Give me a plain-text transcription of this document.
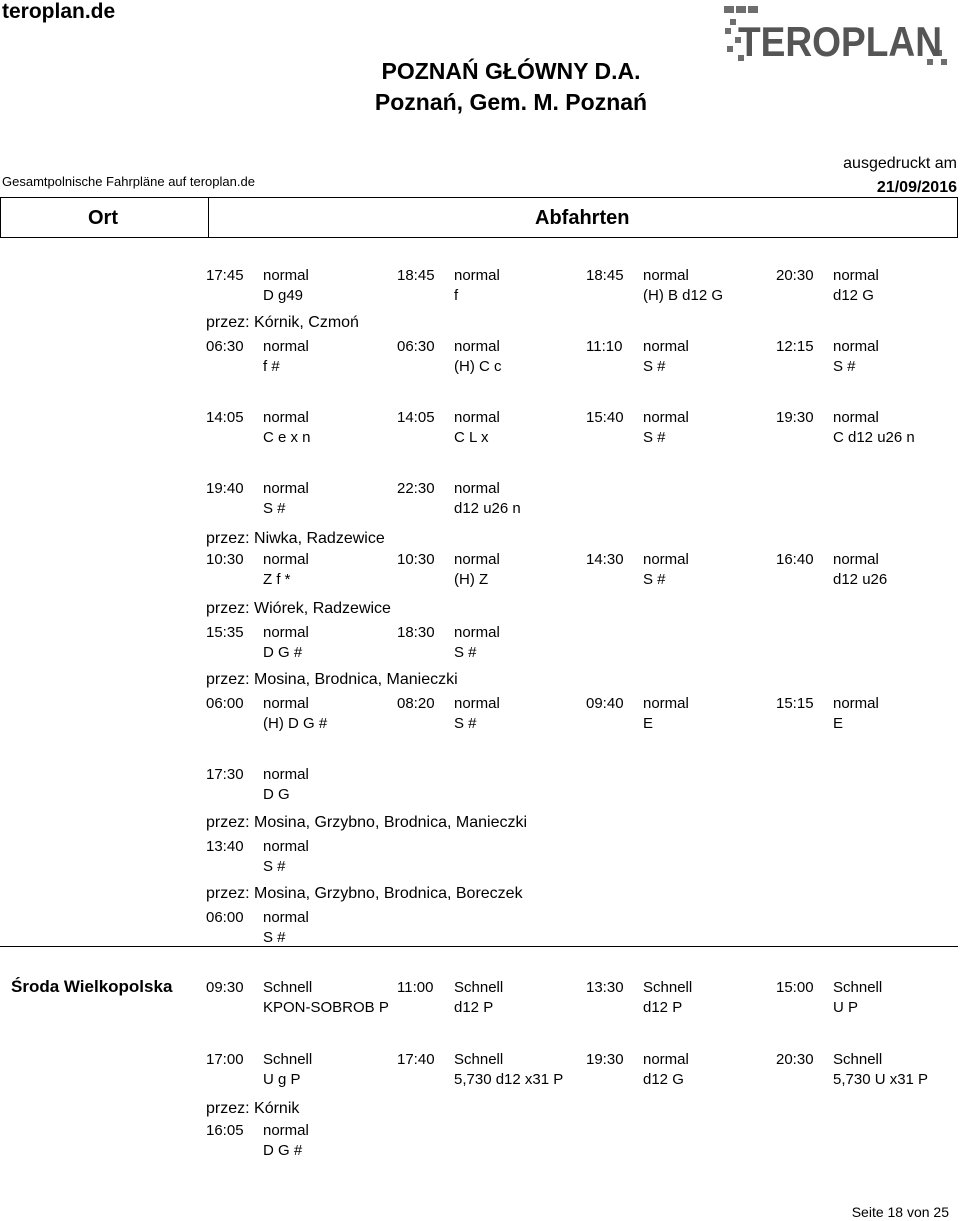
teroplan.de
TEROPLAN
POZNAŃ GŁÓWNY D.A.
Poznań, Gem. M. Poznań
Gesamtpolnische Fahrpläne auf teroplan.de
ausgedruckt am
21/09/2016
Ort	Abfahrten
17:45 normal
D g49
18:45 normal
f
18:45 normal
(H) B d12 G
20:30 normal
d12 G
przez: Kórnik, Czmoń
06:30 normal
f #
06:30 normal
(H) C c
11:10 normal
S #
12:15 normal
S #
14:05 normal
C e x n
14:05 normal
C L x
15:40 normal
S #
19:30 normal
C d12 u26 n
19:40 normal
S #
22:30 normal
d12 u26 n
przez: Niwka, Radzewice
10:30 normal
Z f *
10:30 normal
(H) Z
14:30 normal
S #
16:40 normal
d12 u26
przez: Wiórek, Radzewice
15:35 normal
D G #
18:30 normal
S #
przez: Mosina, Brodnica, Manieczki
06:00 normal
(H) D G #
08:20 normal
S #
09:40 normal
E
15:15 normal
E
17:30 normal
D G
przez: Mosina, Grzybno, Brodnica, Manieczki
13:40 normal
S #
przez: Mosina, Grzybno, Brodnica, Boreczek
06:00 normal
S #
Środa Wielkopolska 09:30 Schnell
KPON-SOBROB P
11:00 Schnell
d12 P
13:30 Schnell
d12 P
15:00 Schnell
U P
17:00 Schnell
U g P
17:40 Schnell
5,730 d12 x31 P
19:30 normal
d12 G
20:30 Schnell
5,730 U x31 P
przez: Kórnik
16:05 normal
D G #
Seite 18 von 25
